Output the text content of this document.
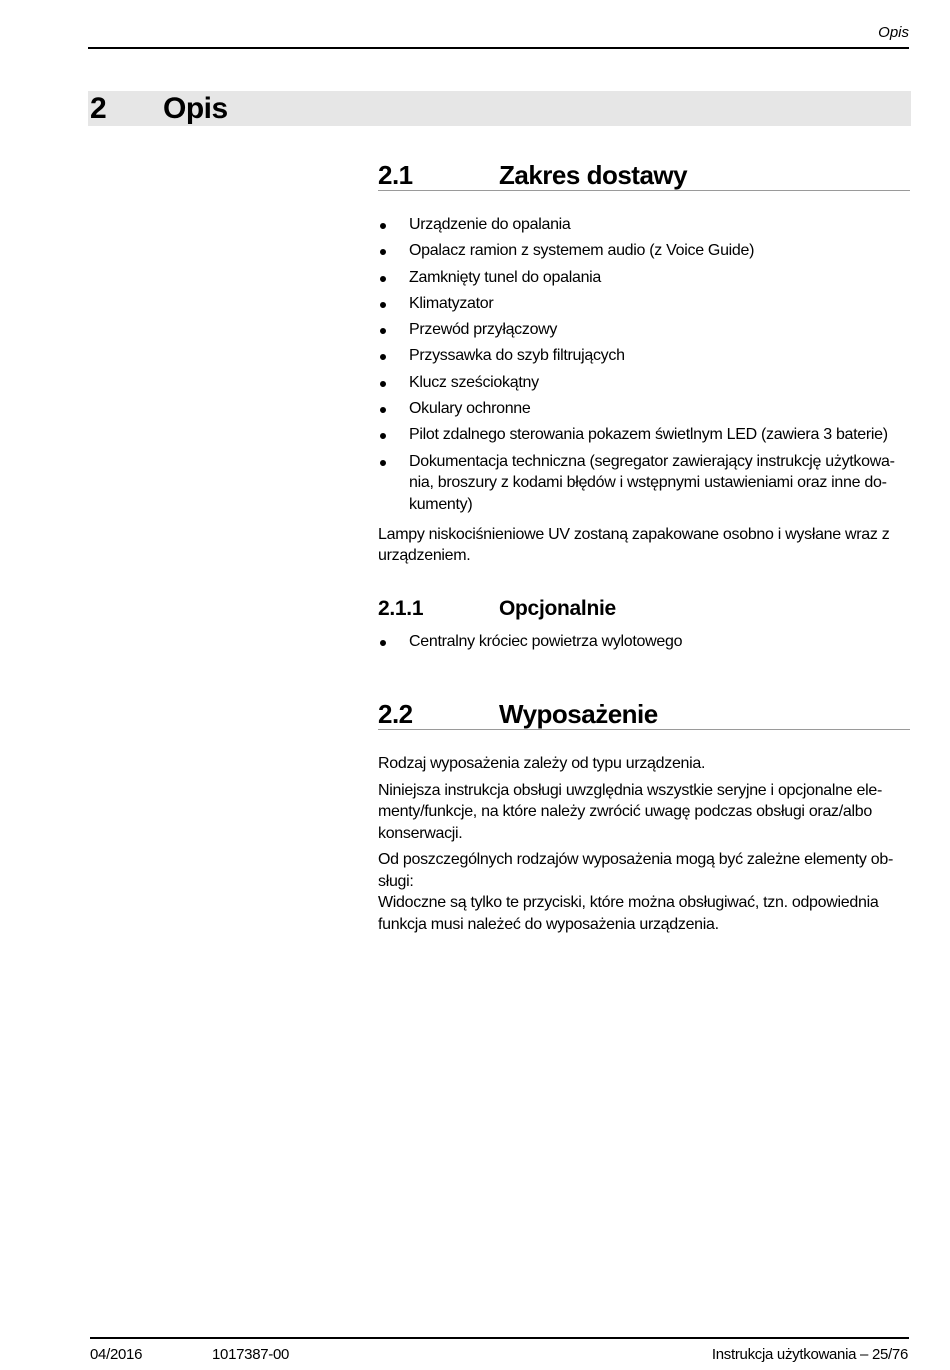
Opis
2 Opis
2.1	Zakres dostawy
Urządzenie do opalania
Opalacz ramion z systemem audio (z Voice Guide)
Zamknięty tunel do opalania
Klimatyzator
Przewód przyłączowy
Przyssawka do szyb filtrujących
Klucz sześciokątny
Okulary ochronne
Pilot zdalnego sterowania pokazem świetlnym LED (zawiera 3 baterie)
Dokumentacja techniczna (segregator zawierający instrukcję użytkowa-nia, broszury z kodami błędów i wstępnymi ustawieniami oraz inne do-kumenty)

Lampy niskociśnieniowe UV zostaną zapakowane osobno i wysłane wraz z urządzeniem.

2.1.1	Opcjonalnie
Centralny króciec powietrza wylotowego
2.2	Wyposażenie

Rodzaj wyposażenia zależy od typu urządzenia.

Niniejsza instrukcja obsługi uwzględnia wszystkie seryjne i opcjonalne ele-menty/funkcje, na które należy zwrócić uwagę podczas obsługi oraz/albo konserwacji.

Od poszczególnych rodzajów wyposażenia mogą być zależne elementy ob-sługi:

Widoczne są tylko te przyciski, które można obsługiwać, tzn. odpowiednia funkcja musi należeć do wyposażenia urządzenia.

04/2016	1017387-00	Instrukcja użytkowania – 25/76
